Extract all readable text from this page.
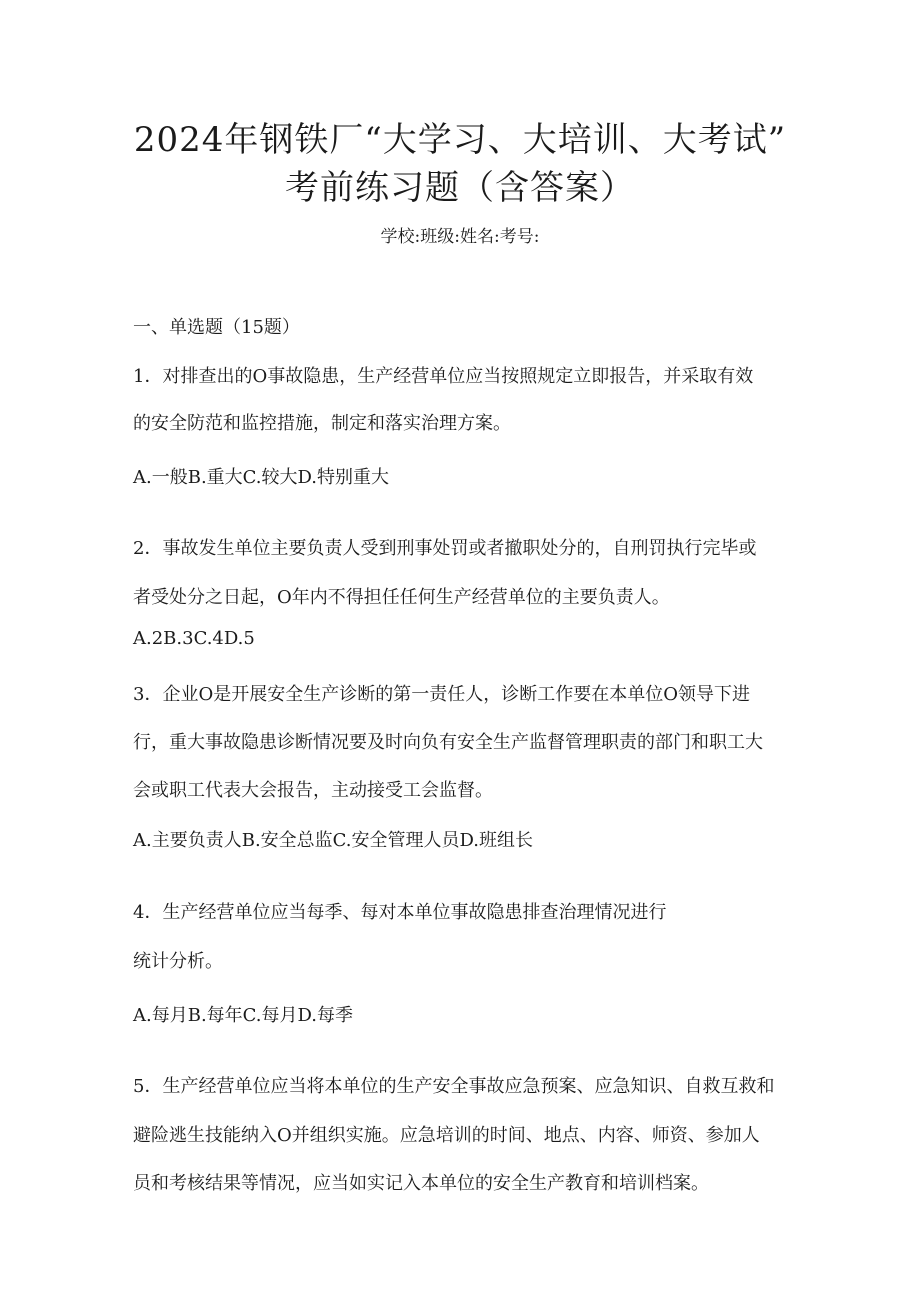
2024年钢铁厂“大学习、大培训、大考试”
考前练习题（含答案）
学校:班级:姓名:考号:
一、单选题（15题）
1．对排查出的O事故隐患，生产经营单位应当按照规定立即报告，并采取有效
的安全防范和监控措施，制定和落实治理方案。
A.一般B.重大C.较大D.特别重大
2．事故发生单位主要负责人受到刑事处罚或者撤职处分的，自刑罚执行完毕或
者受处分之日起，O年内不得担任任何生产经营单位的主要负责人。
A.2B.3C.4D.5
3．企业O是开展安全生产诊断的第一责任人，诊断工作要在本单位O领导下进
行，重大事故隐患诊断情况要及时向负有安全生产监督管理职责的部门和职工大
会或职工代表大会报告，主动接受工会监督。
A.主要负责人B.安全总监C.安全管理人员D.班组长
4．生产经营单位应当每季、每对本单位事故隐患排查治理情况进行
统计分析。
A.每月B.每年C.每月D.每季
5．生产经营单位应当将本单位的生产安全事故应急预案、应急知识、自救互救和
避险逃生技能纳入O并组织实施。应急培训的时间、地点、内容、师资、参加人
员和考核结果等情况，应当如实记入本单位的安全生产教育和培训档案。
